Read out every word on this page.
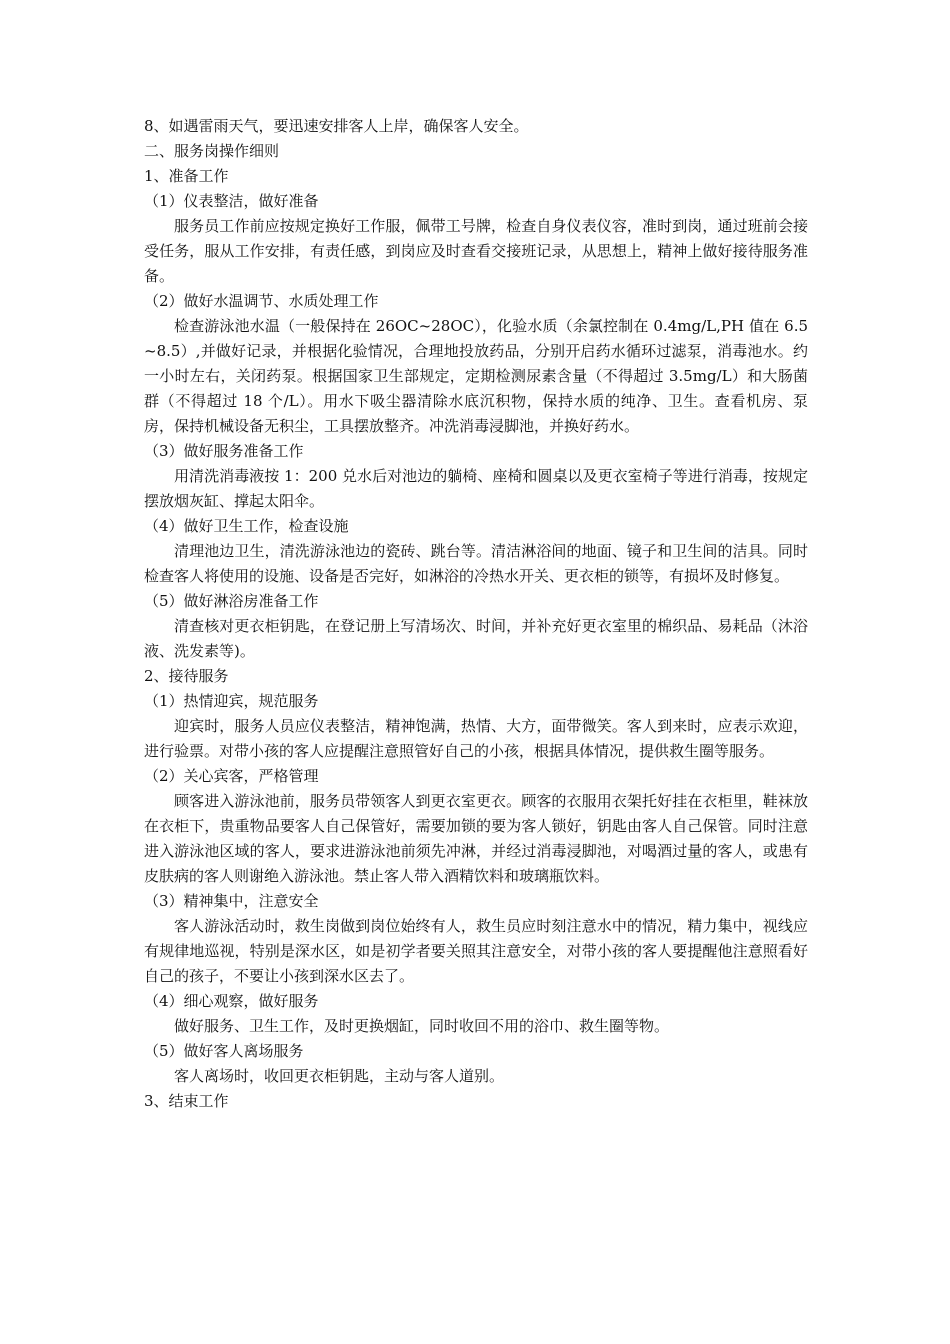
8、如遇雷雨天气，要迅速安排客人上岸，确保客人安全。

二、服务岗操作细则

1、准备工作

（1）仪表整洁，做好准备

服务员工作前应按规定换好工作服，佩带工号牌，检查自身仪表仪容，准时到岗，通过班前会接受任务，服从工作安排，有责任感，到岗应及时查看交接班记录，从思想上，精神上做好接待服务准备。

（2）做好水温调节、水质处理工作

检查游泳池水温（一般保持在 26OC~28OC），化验水质（余氯控制在 0.4mg/L,PH 值在 6.5~8.5）,并做好记录，并根据化验情况，合理地投放药品，分别开启药水循环过滤泵，消毒池水。约一小时左右，关闭药泵。根据国家卫生部规定，定期检测尿素含量（不得超过 3.5mg/L）和大肠菌群（不得超过 18 个/L）。用水下吸尘器清除水底沉积物，保持水质的纯净、卫生。查看机房、泵房，保持机械设备无积尘，工具摆放整齐。冲洗消毒浸脚池，并换好药水。

（3）做好服务准备工作

用清洗消毒液按 1：200 兑水后对池边的躺椅、座椅和圆桌以及更衣室椅子等进行消毒，按规定摆放烟灰缸、撑起太阳伞。

（4）做好卫生工作，检查设施

清理池边卫生，清洗游泳池边的瓷砖、跳台等。清洁淋浴间的地面、镜子和卫生间的洁具。同时检查客人将使用的设施、设备是否完好，如淋浴的冷热水开关、更衣柜的锁等，有损坏及时修复。

（5）做好淋浴房准备工作

清查核对更衣柜钥匙，在登记册上写清场次、时间，并补充好更衣室里的棉织品、易耗品（沐浴液、洗发素等)。

2、接待服务

（1）热情迎宾，规范服务

迎宾时，服务人员应仪表整洁，精神饱满，热情、大方，面带微笑。客人到来时，应表示欢迎，进行验票。对带小孩的客人应提醒注意照管好自己的小孩，根据具体情况，提供救生圈等服务。

（2）关心宾客，严格管理

顾客进入游泳池前，服务员带领客人到更衣室更衣。顾客的衣服用衣架托好挂在衣柜里，鞋袜放在衣柜下，贵重物品要客人自己保管好，需要加锁的要为客人锁好，钥匙由客人自己保管。同时注意进入游泳池区域的客人，要求进游泳池前须先冲淋，并经过消毒浸脚池，对喝酒过量的客人，或患有皮肤病的客人则谢绝入游泳池。禁止客人带入酒精饮料和玻璃瓶饮料。

（3）精神集中，注意安全

客人游泳活动时，救生岗做到岗位始终有人，救生员应时刻注意水中的情况，精力集中，视线应有规律地巡视，特别是深水区，如是初学者要关照其注意安全，对带小孩的客人要提醒他注意照看好自己的孩子，不要让小孩到深水区去了。

（4）细心观察，做好服务

做好服务、卫生工作，及时更换烟缸，同时收回不用的浴巾、救生圈等物。

（5）做好客人离场服务

客人离场时，收回更衣柜钥匙，主动与客人道别。

3、结束工作
